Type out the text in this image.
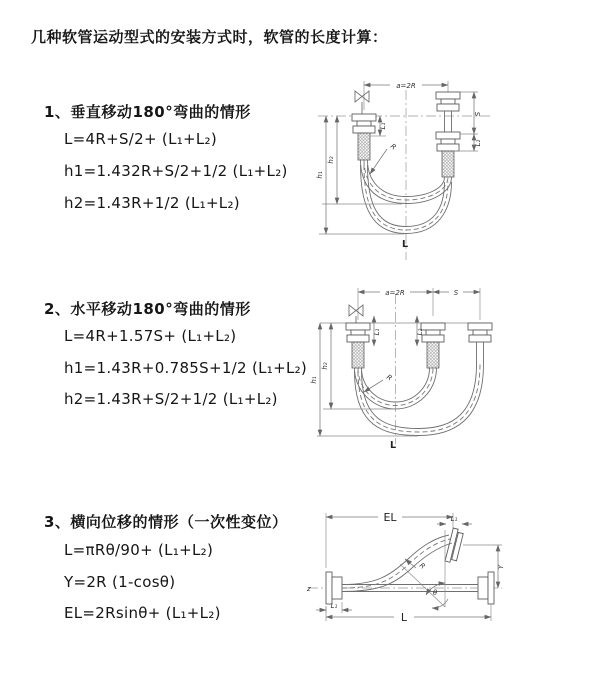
几种软管运动型式的安装方式时，软管的长度计算：
1、垂直移动180°弯曲的情形
L=4R+S/2+ (L₁+L₂)
h1=1.432R+S/2+1/2 (L₁+L₂)
h2=1.43R+1/2 (L₁+L₂)
2、水平移动180°弯曲的情形
L=4R+1.57S+ (L₁+L₂)
h1=1.43R+0.785S+1/2 (L₁+L₂)
h2=1.43R+S/2+1/2 (L₁+L₂)
3、横向位移的情形（一次性变位）
L=πRθ/90+ (L₁+L₂)
Y=2R (1-cosθ)
EL=2Rsinθ+ (L₁+L₂)
a=2R
R
h₁
h₂
L₁
S
L₂
L
a=2R	S
R
h₁
h₂
L₁	L₂
L
z
EL	L₁
θ
R	Y
L
L₁
